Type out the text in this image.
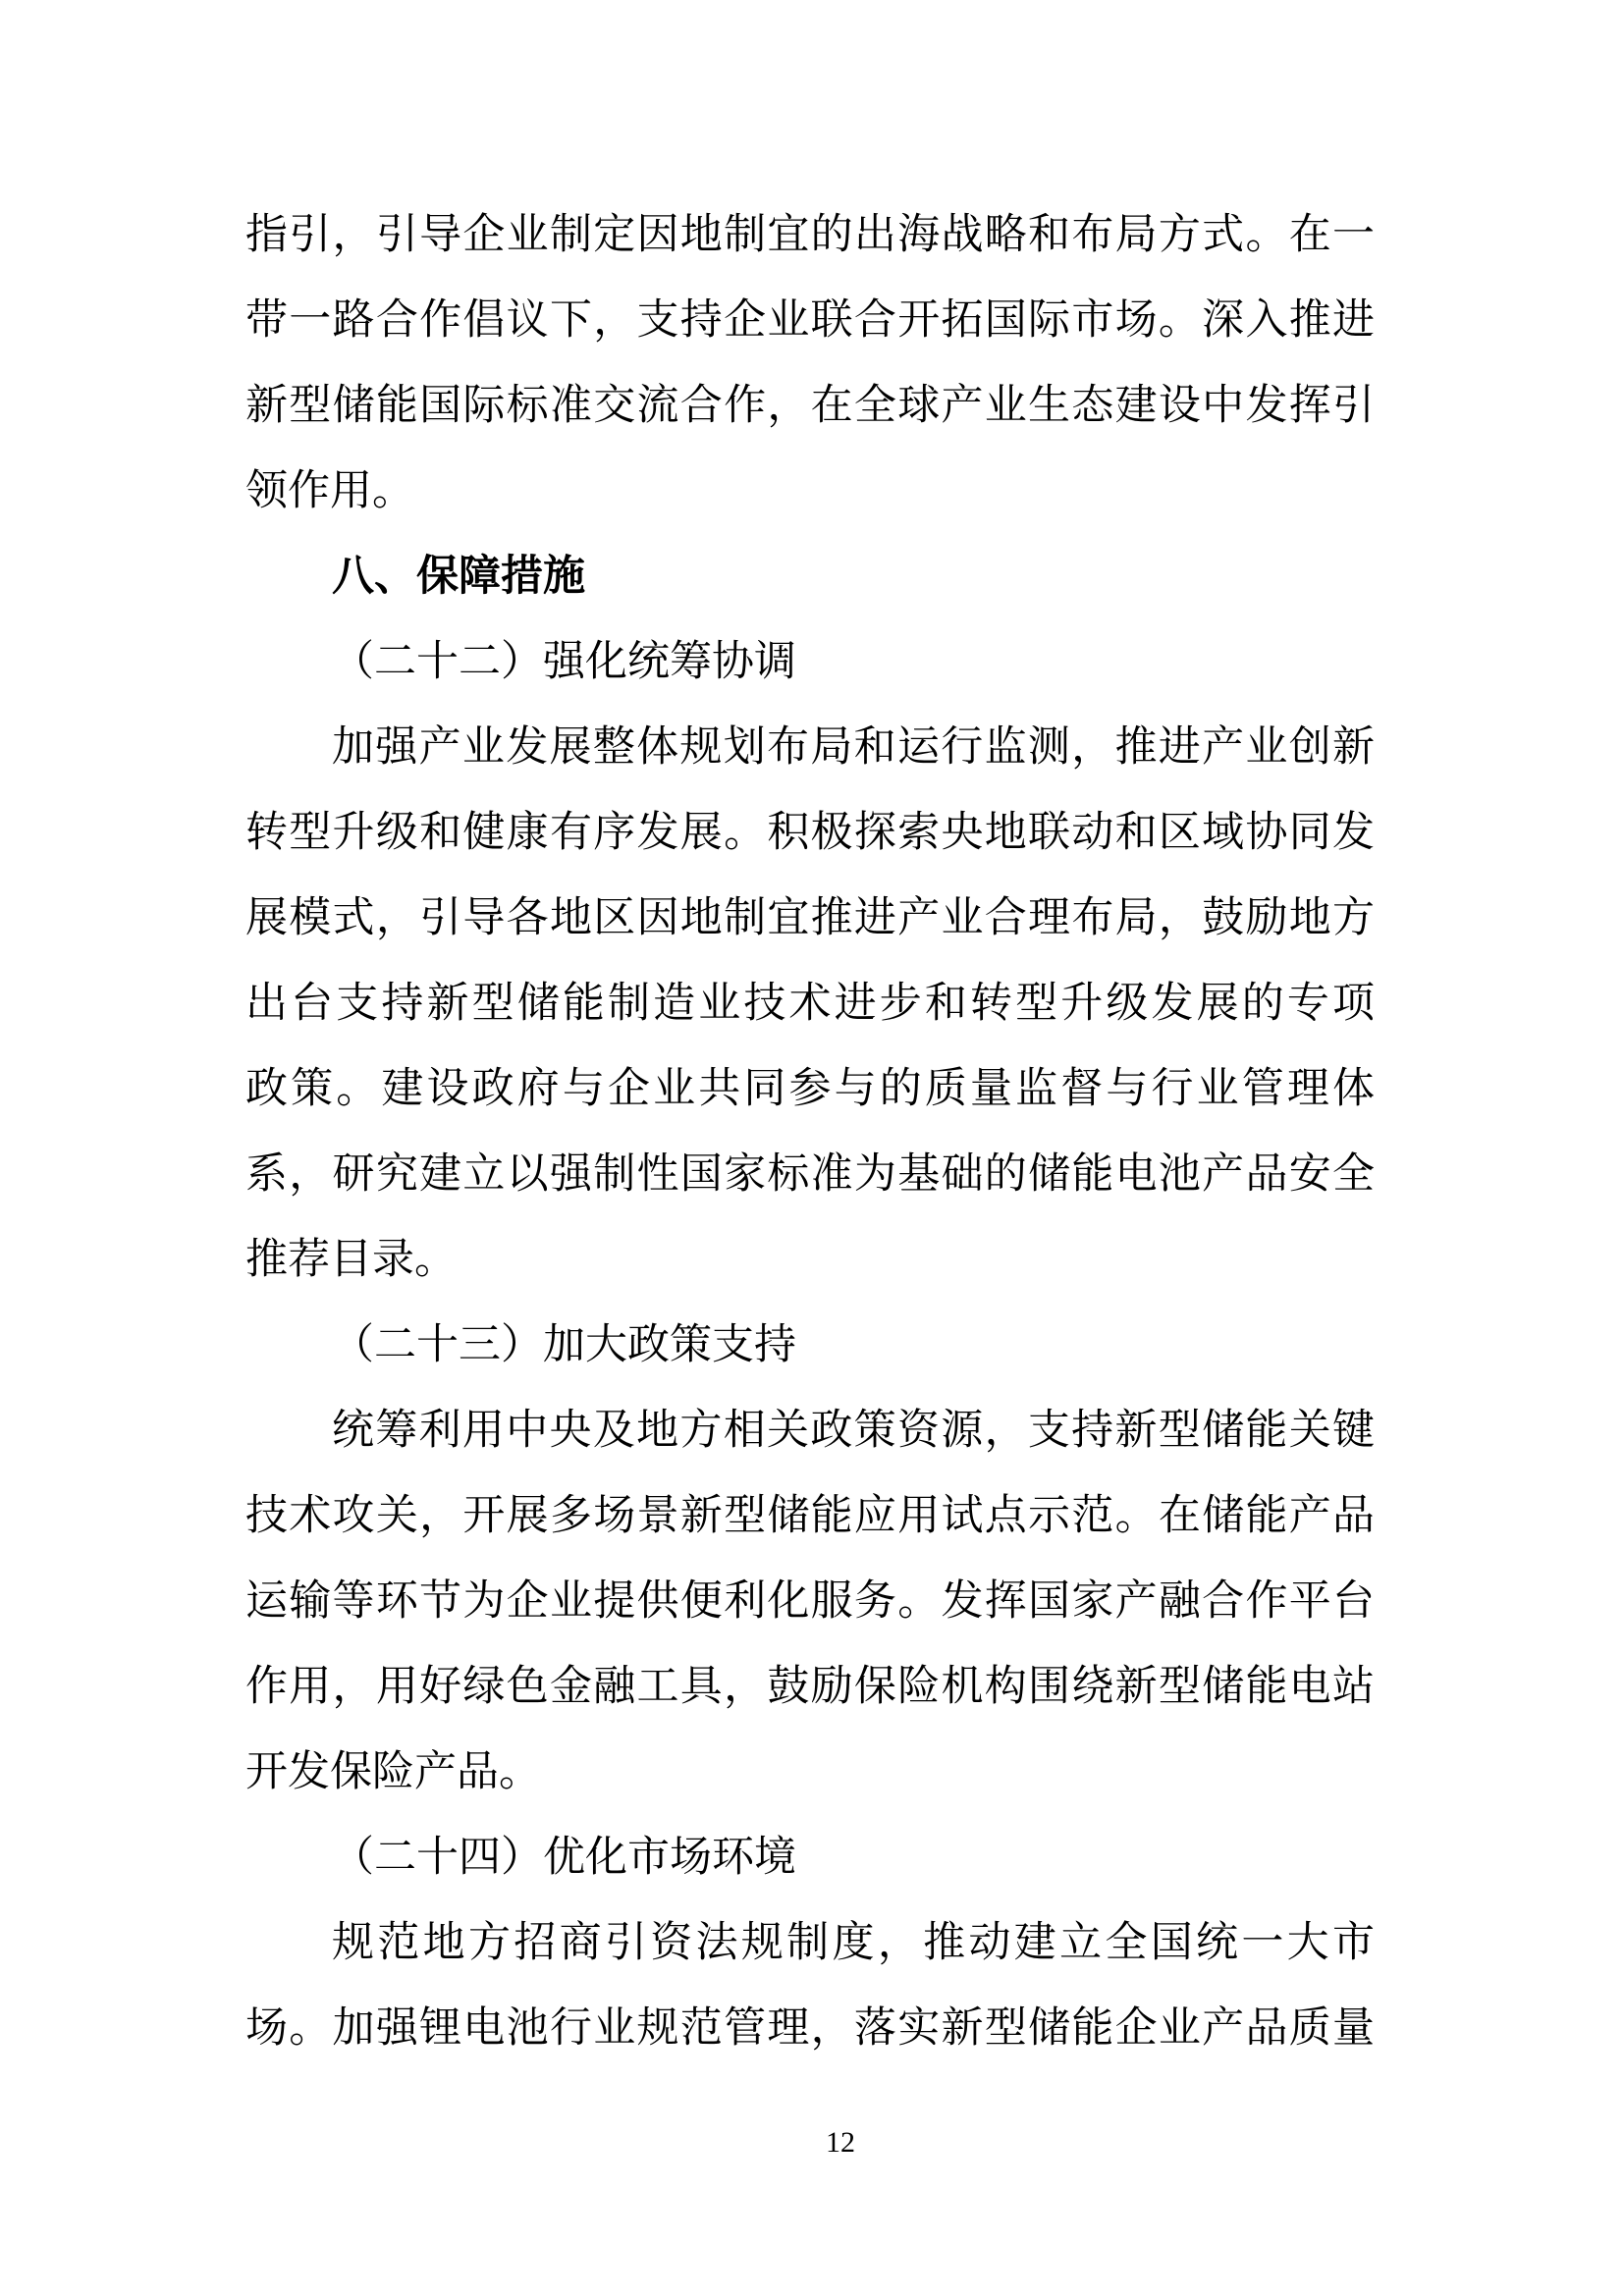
指引，引导企业制定因地制宜的出海战略和布局方式。在一
带一路合作倡议下，支持企业联合开拓国际市场。深入推进
新型储能国际标准交流合作，在全球产业生态建设中发挥引
领作用。
八、保障措施
（二十二）强化统筹协调
加强产业发展整体规划布局和运行监测，推进产业创新
转型升级和健康有序发展。积极探索央地联动和区域协同发
展模式，引导各地区因地制宜推进产业合理布局，鼓励地方
出台支持新型储能制造业技术进步和转型升级发展的专项
政策。建设政府与企业共同参与的质量监督与行业管理体
系，研究建立以强制性国家标准为基础的储能电池产品安全
推荐目录。
（二十三）加大政策支持
统筹利用中央及地方相关政策资源，支持新型储能关键
技术攻关，开展多场景新型储能应用试点示范。在储能产品
运输等环节为企业提供便利化服务。发挥国家产融合作平台
作用，用好绿色金融工具，鼓励保险机构围绕新型储能电站
开发保险产品。
（二十四）优化市场环境
规范地方招商引资法规制度，推动建立全国统一大市
场。加强锂电池行业规范管理，落实新型储能企业产品质量
12
